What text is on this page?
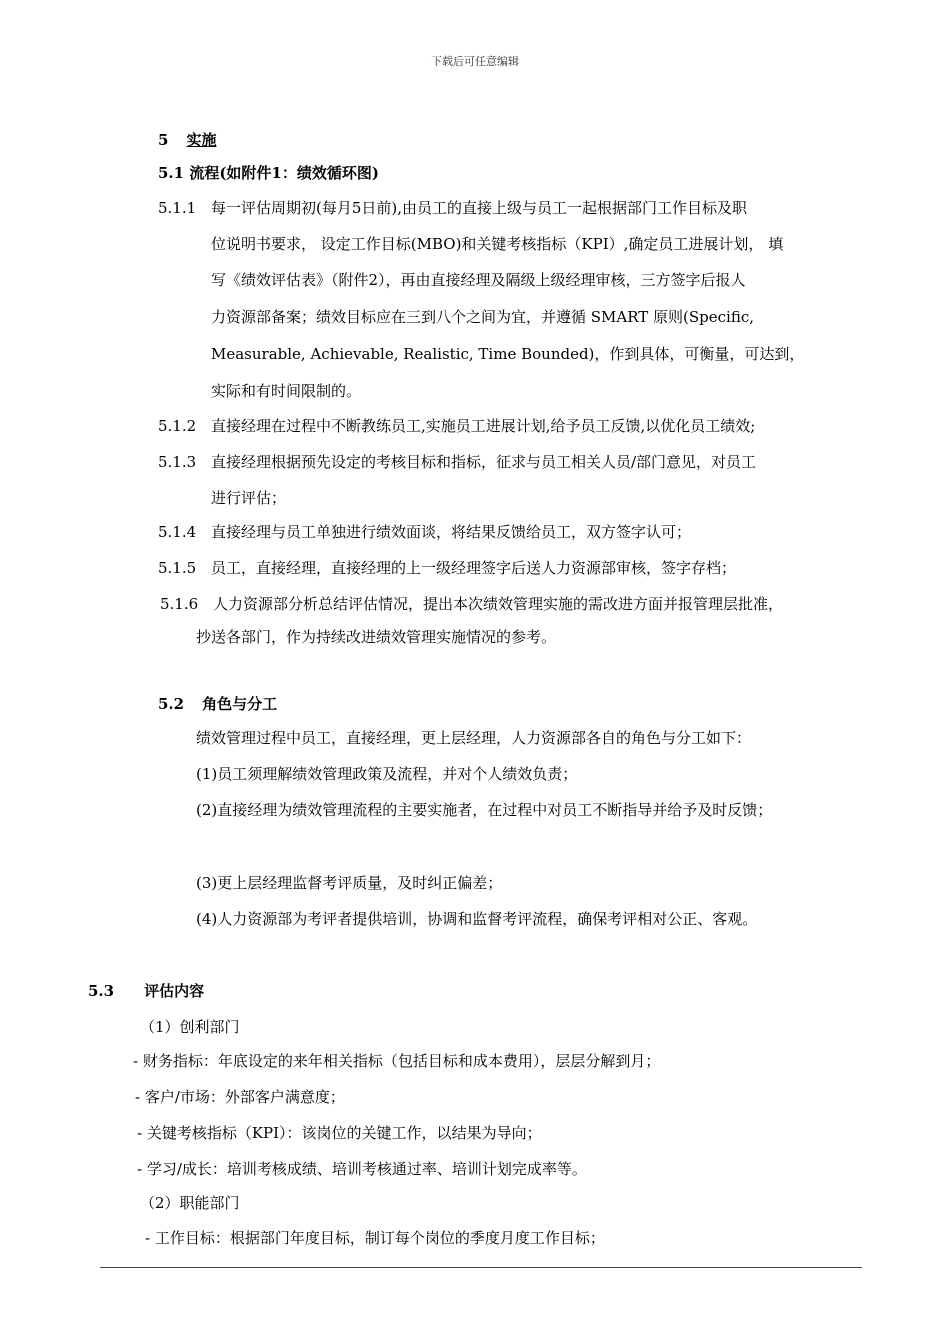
下载后可任意编辑
5 实施
5.1 流程(如附件1：绩效循环图)
5.1.1 每一评估周期初(每月5日前),由员工的直接上级与员工一起根据部门工作目标及职
位说明书要求， 设定工作目标(MBO)和关键考核指标（KPI）,确定员工进展计划， 填
写《绩效评估表》（附件2），再由直接经理及隔级上级经理审核，三方签字后报人
力资源部备案；绩效目标应在三到八个之间为宜，并遵循 SMART 原则(Specific,
Measurable, Achievable, Realistic, Time Bounded)，作到具体，可衡量，可达到，
实际和有时间限制的。
5.1.2 直接经理在过程中不断教练员工,实施员工进展计划,给予员工反馈,以优化员工绩效;
5.1.3 直接经理根据预先设定的考核目标和指标，征求与员工相关人员/部门意见，对员工
进行评估；
5.1.4 直接经理与员工单独进行绩效面谈，将结果反馈给员工，双方签字认可；
5.1.5 员工，直接经理，直接经理的上一级经理签字后送人力资源部审核，签字存档；
5.1.6 人力资源部分析总结评估情况，提出本次绩效管理实施的需改进方面并报管理层批准，
抄送各部门，作为持续改进绩效管理实施情况的参考。
5.2 角色与分工
绩效管理过程中员工，直接经理，更上层经理，人力资源部各自的角色与分工如下：
(1)员工须理解绩效管理政策及流程，并对个人绩效负责；
(2)直接经理为绩效管理流程的主要实施者，在过程中对员工不断指导并给予及时反馈；
(3)更上层经理监督考评质量，及时纠正偏差；
(4)人力资源部为考评者提供培训，协调和监督考评流程，确保考评相对公正、客观。
5.3 评估内容
（1）创利部门
- 财务指标：年底设定的来年相关指标（包括目标和成本费用），层层分解到月；
- 客户/市场：外部客户满意度；
- 关键考核指标（KPI）：该岗位的关键工作，以结果为导向；
- 学习/成长：培训考核成绩、培训考核通过率、培训计划完成率等。
（2）职能部门
- 工作目标：根据部门年度目标，制订每个岗位的季度月度工作目标；
